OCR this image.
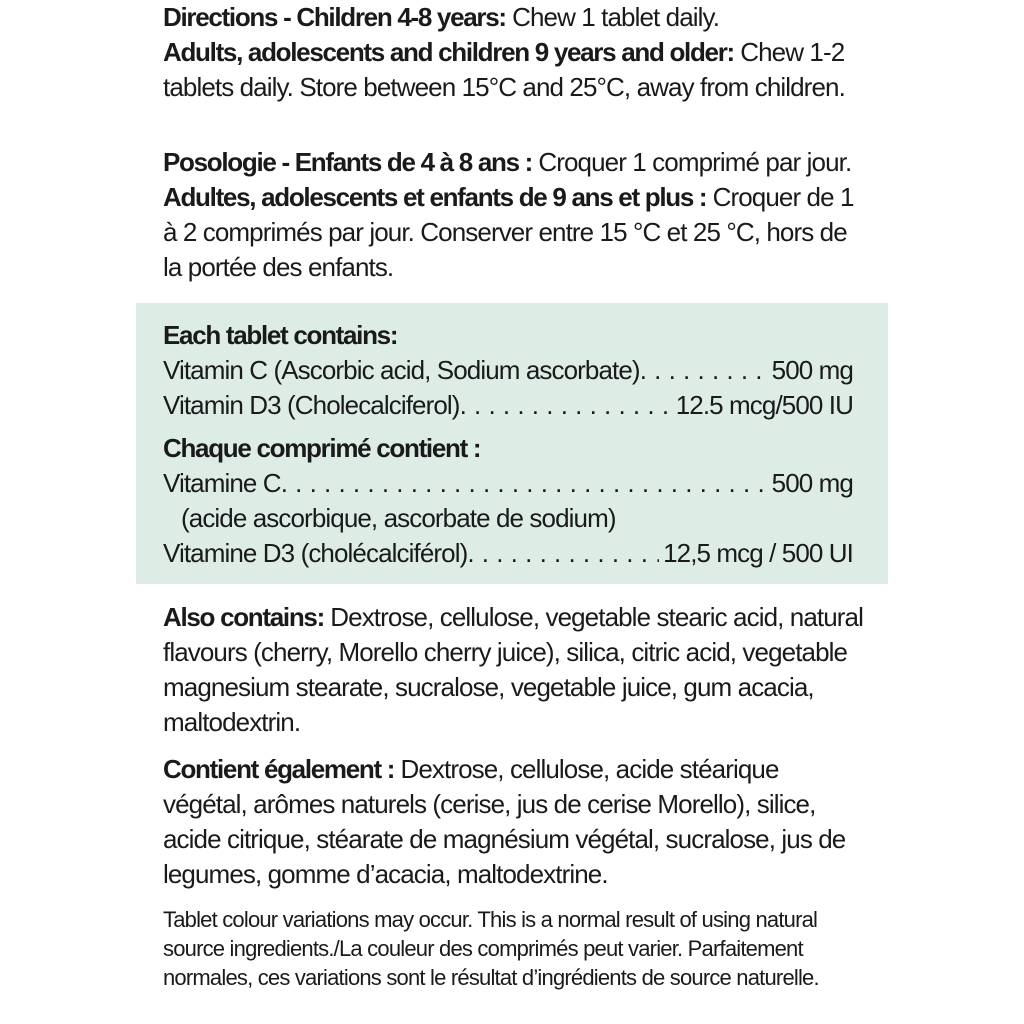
Directions - Children 4-8 years: Chew 1 tablet daily.
Adults, adolescents and children 9 years and older: Chew 1-2 tablets daily. Store between 15°C and 25°C, away from children.

Posologie - Enfants de 4 à 8 ans : Croquer 1 comprimé par jour. Adultes, adolescents et enfants de 9 ans et plus : Croquer de 1 à 2 comprimés par jour. Conserver entre 15 °C et 25 °C, hors de la portée des enfants.

Each tablet contains:
Vitamin C (Ascorbic acid, Sodium ascorbate) . . .	500 mg
Vitamin D3 (Cholecalciferol) . . .	12.5 mcg/500 IU
Chaque comprimé contient :
Vitamine C . . .	500 mg
(acide ascorbique, ascorbate de sodium)
Vitamine D3 (cholécalciférol) . . .	12,5 mcg / 500 UI

Also contains: Dextrose, cellulose, vegetable stearic acid, natural flavours (cherry, Morello cherry juice), silica, citric acid, vegetable magnesium stearate, sucralose, vegetable juice, gum acacia, maltodextrin.

Contient également : Dextrose, cellulose, acide stéarique végétal, arômes naturels (cerise, jus de cerise Morello), silice, acide citrique, stéarate de magnésium végétal, sucralose, jus de legumes, gomme d’acacia, maltodextrine.

Tablet colour variations may occur. This is a normal result of using natural source ingredients./La couleur des comprimés peut varier. Parfaitement normales, ces variations sont le résultat d’ingrédients de source naturelle.
